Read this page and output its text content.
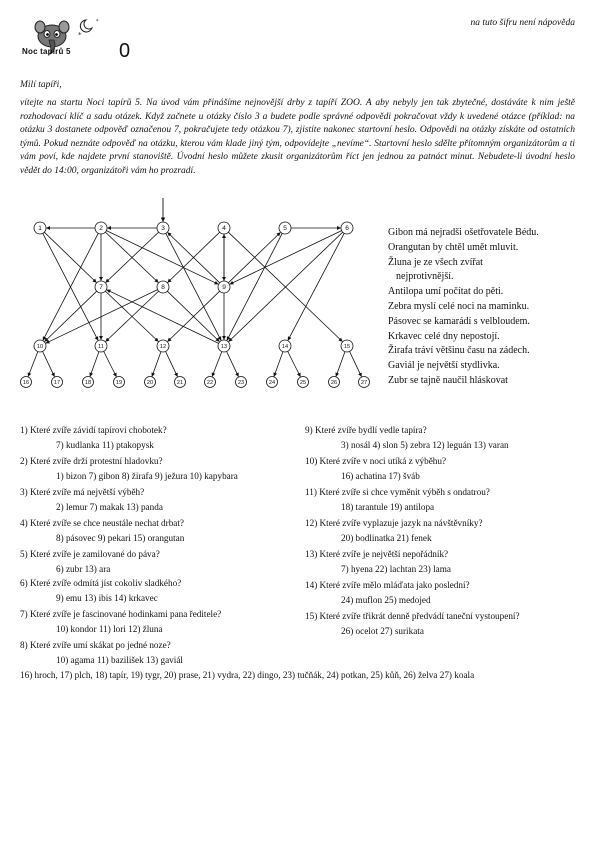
*
*
Noc tapírů 5 0
na tuto šifru není nápověda
Milí tapíři,
vítejte na startu Noci tapírů 5. Na úvod vám přinášíme nejnovější drby z tapíří ZOO. A aby nebyly jen tak zbytečné, dostáváte k nim ještě rozhodovací klíč a sadu otázek. Když začnete u otázky číslo 3 a budete podle správné odpovědi pokračovat vždy k uvedené otázce (příklad: na otázku 3 dostanete odpověď označenou 7, pokračujete tedy otázkou 7), zjistíte nakonec startovní heslo. Odpovědi na otázky získáte od ostatních týmů. Pokud neznáte odpověď na otázku, kterou vám klade jiný tým, odpovídejte „nevíme“. Startovní heslo sdělte přítomným organizátorům a ti vám poví, kde najdete první stanoviště. Úvodní heslo můžete zkusit organizátorům říct jen jednou za patnáct minut. Nebudete-li úvodní heslo vědět do 14:00, organizátoři vám ho prozradí.
1	2	3	4	5	6
7	8	9
10	11	12	13	14	15
16	17	18	19	20	21	22	23	24	25	26	27
Gibon má nejradši ošetřovatele Bédu.
Orangutan by chtěl umět mluvit.
Žluna je ze všech zvířat
nejprotivnější.
Antilopa umí počítat do pěti.
Zebra myslí celé noci na maminku.
Pásovec se kamarádí s velbloudem.
Krkavec celé dny nepostojí.
Žirafa tráví většinu času na zádech.
Gaviál je největší stydlivka.
Zubr se tajně naučil hláskovat
1) Které zvíře závidí tapírovi chobotek?
7) kudlanka 11) ptakopysk
2) Které zvíře drží protestní hladovku?
1) bizon 7) gibon 8) žirafa 9) ježura 10) kapybara
3) Které zvíře má největší výběh?
2) lemur 7) makak 13) panda
4) Které zvíře se chce neustále nechat drbat?
8) pásovec 9) pekari 15) orangutan
5) Které zvíře je zamilované do páva?
6) zubr 13) ara
6) Které zvíře odmítá jíst cokoliv sladkého?
9) emu 13) ibis 14) krkavec
7) Které zvíře je fascinované hodinkami pana ředitele?
10) kondor 11) lori 12) žluna
8) Které zvíře umí skákat po jedné noze?
10) agama 11) bazilišek 13) gaviál
9) Které zvíře bydlí vedle tapíra?
3) nosál 4) slon 5) zebra 12) leguán 13) varan
10) Které zvíře v noci utíká z výběhu?
16) achatina 17) šváb
11) Které zvíře si chce vyměnit výběh s ondatrou?
18) tarantule 19) antilopa
12) Které zvíře vyplazuje jazyk na návštěvníky?
20) bodlinatka 21) fenek
13) Které zvíře je největší nepořádník?
7) hyena 22) lachtan 23) lama
14) Které zvíře mělo mláďata jako poslední?
24) muflon 25) medojed
15) Které zvíře třikrát denně předvádí taneční vystoupení?
26) ocelot 27) surikata
16) hroch, 17) plch, 18) tapír, 19) tygr, 20) prase, 21) vydra, 22) dingo, 23) tučňák, 24) potkan, 25) kůň, 26) želva 27) koala
